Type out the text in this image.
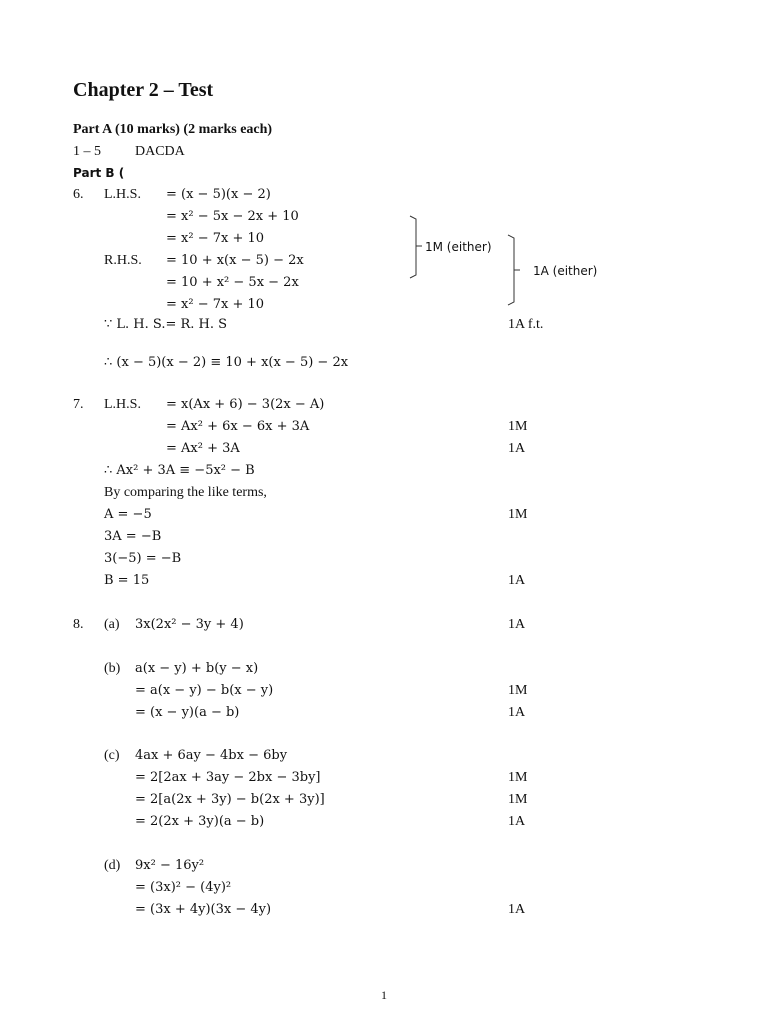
Chapter 2 – Test
Part A (10 marks) (2 marks each)
1 – 5 DACDA
Part B (
6. L.H.S. = (x − 5)(x − 2)
= x² − 5x − 2x + 10
= x² − 7x + 10
R.H.S. = 10 + x(x − 5) − 2x
= 10 + x² − 5x − 2x
= x² − 7x + 10
∵ L. H. S.= R. H. S	1A f.t.
∴ (x − 5)(x − 2) ≡ 10 + x(x − 5) − 2x
1M (either)
1A (either)
7. L.H.S. = x(Ax + 6) − 3(2x − A)
= Ax² + 6x − 6x + 3A	1M
= Ax² + 3A	1A
∴ Ax² + 3A ≡ −5x² − B
By comparing the like terms,
A = −5	1M
3A = −B
3(−5) = −B
B = 15	1A
8. (a) 3x(2x² − 3y + 4)	1A
(b) a(x − y) + b(y − x)
= a(x − y) − b(x − y)	1M
= (x − y)(a − b)	1A
(c) 4ax + 6ay − 4bx − 6by
= 2[2ax + 3ay − 2bx − 3by]	1M
= 2[a(2x + 3y) − b(2x + 3y)]	1M
= 2(2x + 3y)(a − b)	1A
(d) 9x² − 16y²
= (3x)² − (4y)²
= (3x + 4y)(3x − 4y)	1A
1
